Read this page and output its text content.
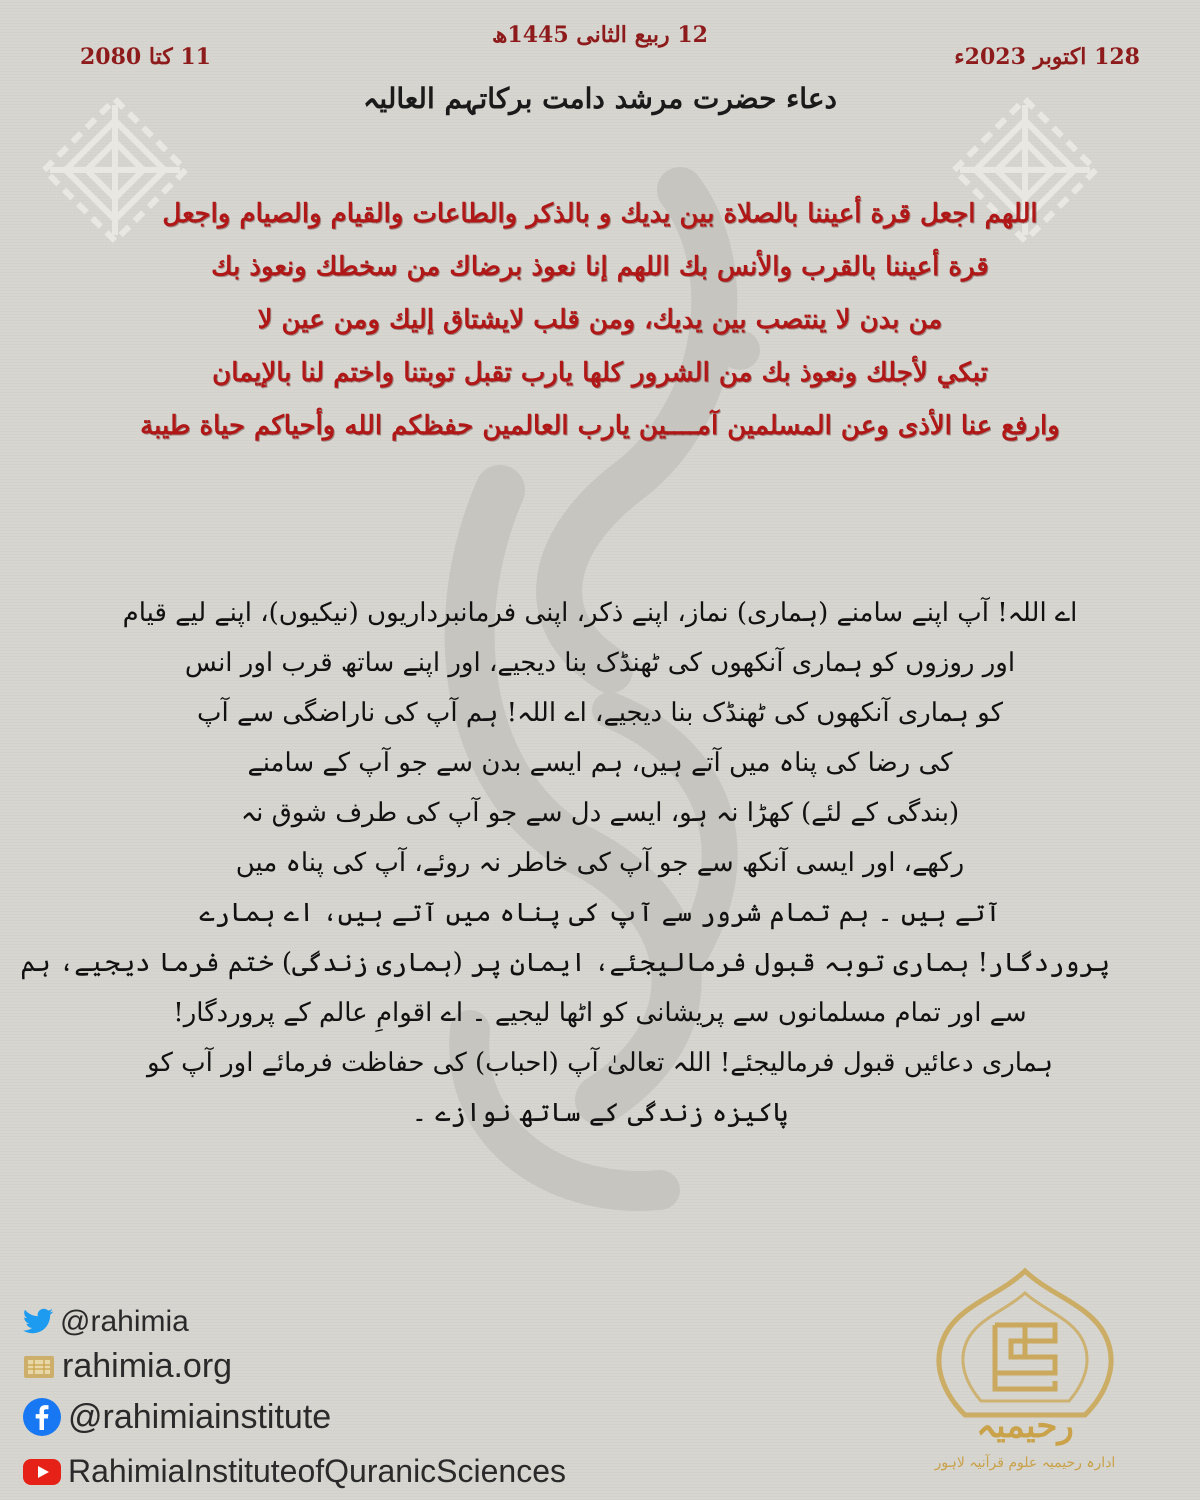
12 ربیع الثانی 1445ھ
11 کتا 2080	128 اکتوبر 2023ء
دعاء حضرت مرشد دامت برکاتہم العالیہ
اللهم اجعل قرة أعيننا بالصلاة بين يديك و بالذكر والطاعات والقيام والصيام واجعل
قرة أعيننا بالقرب والأنس بك اللهم إنا نعوذ برضاك من سخطك ونعوذ بك
من بدن لا ينتصب بين يديك، ومن قلب لايشتاق إليك ومن عين لا
تبكي لأجلك ونعوذ بك من الشرور كلها يارب تقبل توبتنا واختم لنا بالإيمان
وارفع عنا الأذى وعن المسلمين آمــــين يارب العالمين حفظكم الله وأحياكم حياة طيبة
اے اللہ! آپ اپنے سامنے (ہماری) نماز، اپنے ذکر، اپنی فرمانبرداریوں (نیکیوں)، اپنے لیے قیام
اور روزوں کو ہماری آنکھوں کی ٹھنڈک بنا دیجیے، اور اپنے ساتھ قرب اور انس
کو ہماری آنکھوں کی ٹھنڈک بنا دیجیے، اے اللہ! ہم آپ کی ناراضگی سے آپ
کی رضا کی پناہ میں آتے ہیں، ہم ایسے بدن سے جو آپ کے سامنے
(بندگی کے لئے) کھڑا نہ ہو، ایسے دل سے جو آپ کی طرف شوق نہ
رکھے، اور ایسی آنکھ سے جو آپ کی خاطر نہ روئے، آپ کی پناہ میں
آتے ہیں ۔ ہم تمام شرور سے آپ کی پناہ میں آتے ہیں، اے ہمارے
پروردگار! ہماری توبہ قبول فرمالیجئے، ایمان پر (ہماری زندگی) ختم فرما دیجیے، ہم
سے اور تمام مسلمانوں سے پریشانی کو اٹھا لیجیے ۔ اے اقوامِ عالم کے پروردگار!
ہماری دعائیں قبول فرمالیجئے! اللہ تعالیٰ آپ (احباب) کی حفاظت فرمائے اور آپ کو
پاکیزہ زندگی کے ساتھ نوازے ۔
@rahimia
rahimia.org
@rahimiainstitute
RahimiaInstituteofQuranicSciences
رحیمیہ
ادارہ رحیمیہ علوم قرآنیہ لاہور
